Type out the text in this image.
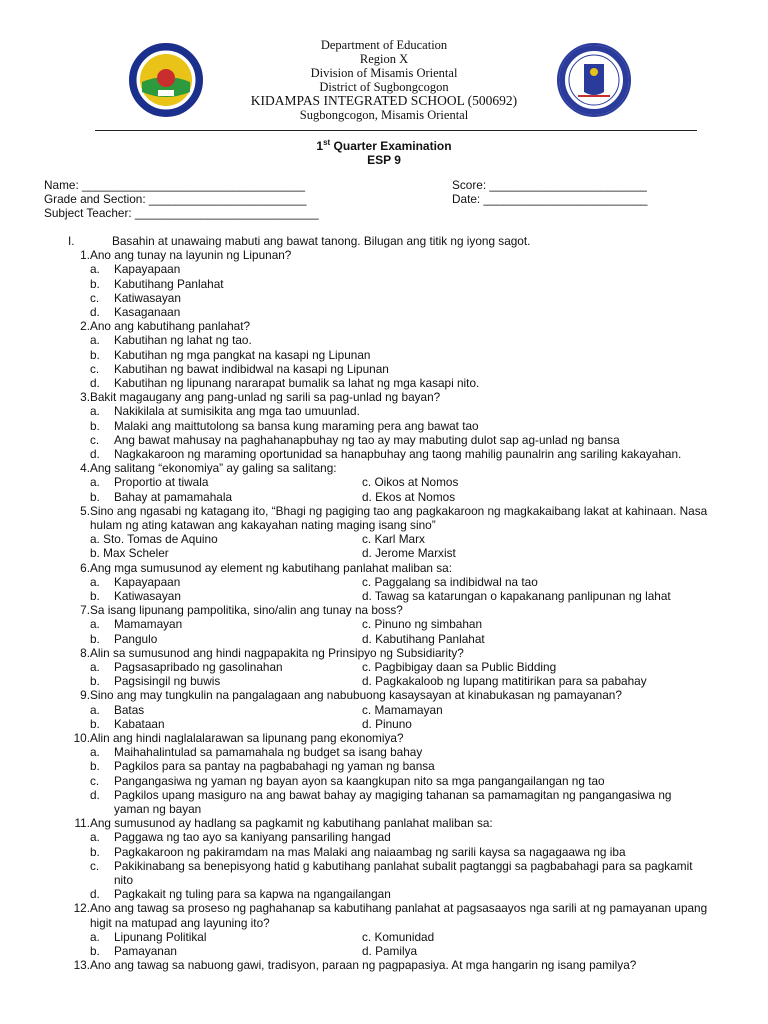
Department of Education
Region X
Division of Misamis Oriental
District of Sugbongcogon
KIDAMPAS INTEGRATED SCHOOL (500692)
Sugbongcogon, Misamis Oriental
1st Quarter Examination
ESP 9
Name: __________________________________	Score: ________________________
Grade and Section: ________________________	Date: _________________________
Subject Teacher: ____________________________
I.	Basahin at unawaing mabuti ang bawat tanong. Bilugan ang titik ng iyong sagot.
1. Ano ang tunay na layunin ng Lipunan?
a. Kapayapaan
b. Kabutihang Panlahat
c. Katiwasayan
d. Kasaganaan
2. Ano ang kabutihang panlahat?
a. Kabutihan ng lahat ng tao.
b. Kabutihan ng mga pangkat na kasapi ng Lipunan
c. Kabutihan ng bawat indibidwal na kasapi ng Lipunan
d. Kabutihan ng lipunang nararapat bumalik sa lahat ng mga kasapi nito.
3. Bakit magaugany ang pang-unlad ng sarili sa pag-unlad ng bayan?
a. Nakikilala at sumisikita ang mga tao umuunlad.
b. Malaki ang maittutolong sa bansa kung maraming pera ang bawat tao
c. Ang bawat mahusay na paghahanapbuhay ng tao ay may mabuting dulot sap ag-unlad ng bansa
d. Nagkakaroon ng maraming oportunidad sa hanapbuhay ang taong mahilig paunalrin ang sariling kakayahan.
4. Ang salitang “ekonomiya” ay galing sa salitang:
a. Proportio at tiwala	c. Oikos at Nomos
b. Bahay at pamamahala	d. Ekos at Nomos
5. Sino ang ngasabi ng katagang ito, “Bhagi ng pagiging tao ang pagkakaroon ng magkakaibang lakat at kahinaan. Nasa hulam ng ating katawan ang kakayahan nating maging isang sino”
a. Sto. Tomas de Aquino	c. Karl Marx
b. Max Scheler	d. Jerome Marxist
6. Ang mga sumusunod ay element ng kabutihang panlahat maliban sa:
a. Kapayapaan	c. Paggalang sa indibidwal na tao
b. Katiwasayan	d. Tawag sa katarungan o kapakanang panlipunan ng lahat
7. Sa isang lipunang pampolitika, sino/alin ang tunay na boss?
a. Mamamayan	c. Pinuno ng simbahan
b. Pangulo	d. Kabutihang Panlahat
8. Alin sa sumusunod ang hindi nagpapakita ng Prinsipyo ng Subsidiarity?
a. Pagsasapribado ng gasolinahan	c. Pagbibigay daan sa Public Bidding
b. Pagsisingil ng buwis	d. Pagkakaloob ng lupang matitirikan para sa pabahay
9. Sino ang may tungkulin na pangalagaan ang nabubuong kasaysayan at kinabukasan ng pamayanan?
a. Batas	c. Mamamayan
b. Kabataan	d. Pinuno
10. Alin ang hindi naglalalarawan sa lipunang pang ekonomiya?
a. Maihahalintulad sa pamamahala ng budget sa isang bahay
b. Pagkilos para sa pantay na pagbabahagi ng yaman ng bansa
c. Pangangasiwa ng yaman ng bayan ayon sa kaangkupan nito sa mga pangangailangan ng tao
d. Pagkilos upang masiguro na ang bawat bahay ay magiging tahanan sa pamamagitan ng pangangasiwa ng yaman ng bayan
11. Ang sumusunod ay hadlang sa pagkamit ng kabutihang panlahat maliban sa:
a. Paggawa ng tao ayo sa kaniyang pansariling hangad
b. Pagkakaroon ng pakiramdam na mas Malaki ang naiaambag ng sarili kaysa sa nagagaawa ng iba
c. Pakikinabang sa benepisyong hatid g kabutihang panlahat subalit pagtanggi sa pagbabahagi para sa pagkamit nito
d. Pagkakait ng tuling para sa kapwa na ngangailangan
12. Ano ang tawag sa proseso ng paghahanap sa kabutihang panlahat at pagsasaayos nga sarili at ng pamayanan upang higit na matupad ang layuning ito?
a. Lipunang Politikal	c. Komunidad
b. Pamayanan	d. Pamilya
13. Ano ang tawag sa nabuong gawi, tradisyon, paraan ng pagpapasiya. At mga hangarin ng isang pamilya?
